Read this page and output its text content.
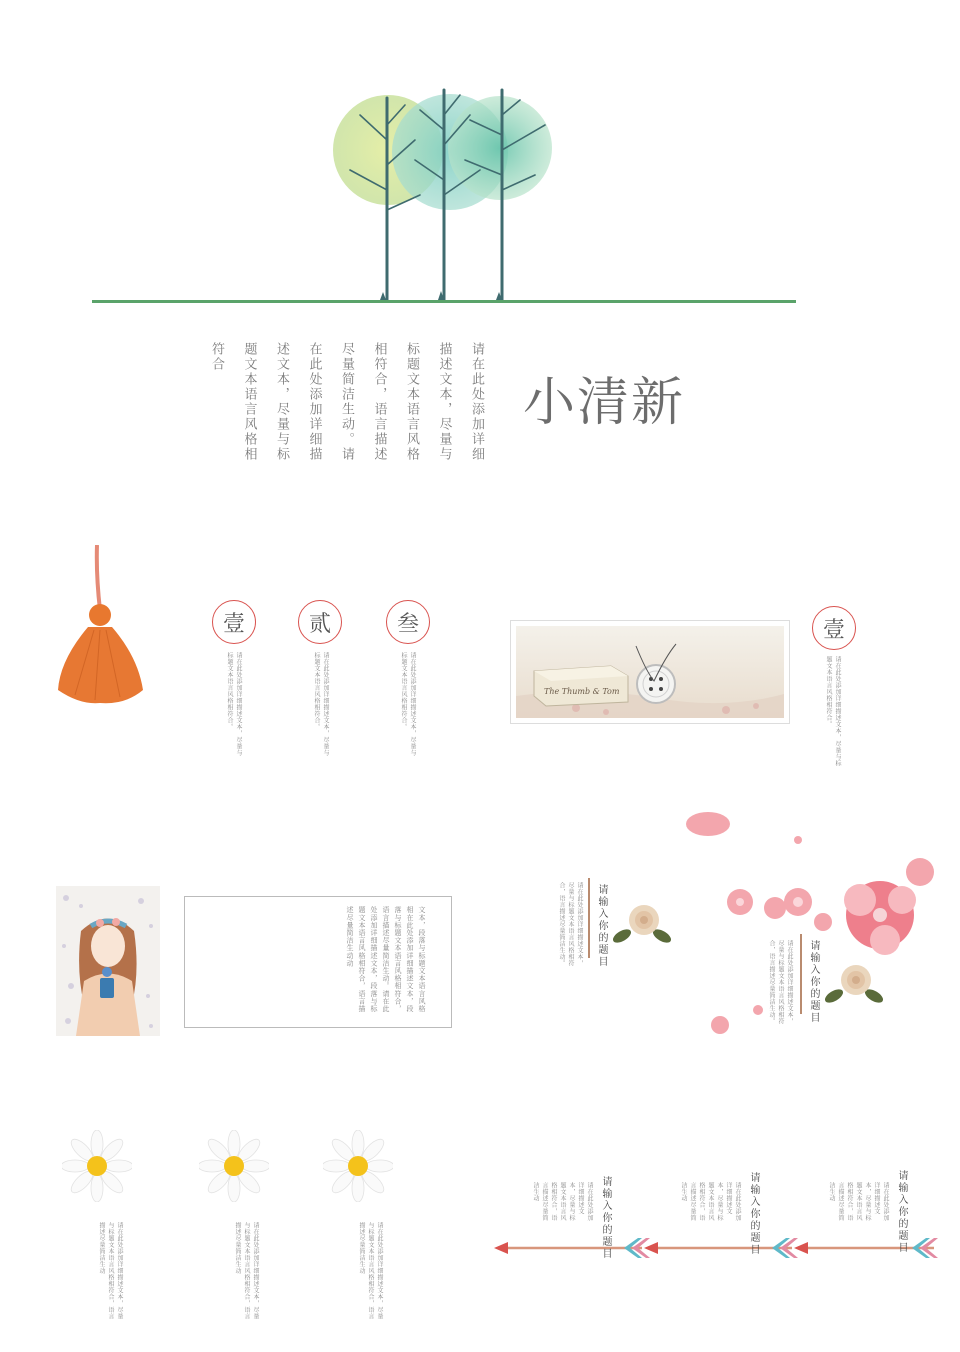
小清新
请在此处添加详细
描述文本，尽量与
标题文本语言风格
相符合，语言描述
尽量简洁生动。请
在此处添加详细描
述文本，尽量与标
题文本语言风格相
符合
壹	贰	叁
请在此处添加详细描述文本，尽量与标题文本语言风格相符合。	请在此处添加详细描述文本，尽量与标题文本语言风格相符合。	请在此处添加详细描述文本，尽量与标题文本语言风格相符合。	The Thumb & Tom
壹
请在此处添加详细描述文本，尽量与标题文本语言风格相符合。
文本，段落与标题文本语言风格相在此处添加详细描述文本，段落与标题文本语言风格相符合，语言描述尽量简洁生动。请在此处添加详细描述文本，段落与标题文本语言风格相符合，语言描述尽量简洁生动动	请输入你的题目
请在此处添加详细描述文本，尽量与标题文本语言风格相符合，语言描述尽量简洁生动。
请输入你的题目
请在此处添加详细描述文本，尽量与标题文本语言风格相符合，语言描述尽量简洁生动。
请在此处添加详细描述文本，尽量与标题文本语言风格相符合，语言描述尽量简洁生动	请在此处添加详细描述文本，尽量与标题文本语言风格相符合，语言描述尽量简洁生动	请在此处添加详细描述文本，尽量与标题文本语言风格相符合，语言描述尽量简洁生动	请输入你的题目
请在此处添加详细描述文本，尽量与标题文本语言风格相符合，语言描述尽量简洁生动	请输入你的题目
请在此处添加详细描述文本，尽量与标题文本语言风格相符合，语言描述尽量简洁生动	请输入你的题目
请在此处添加详细描述文本，尽量与标题文本语言风格相符合，语言描述尽量简洁生动
